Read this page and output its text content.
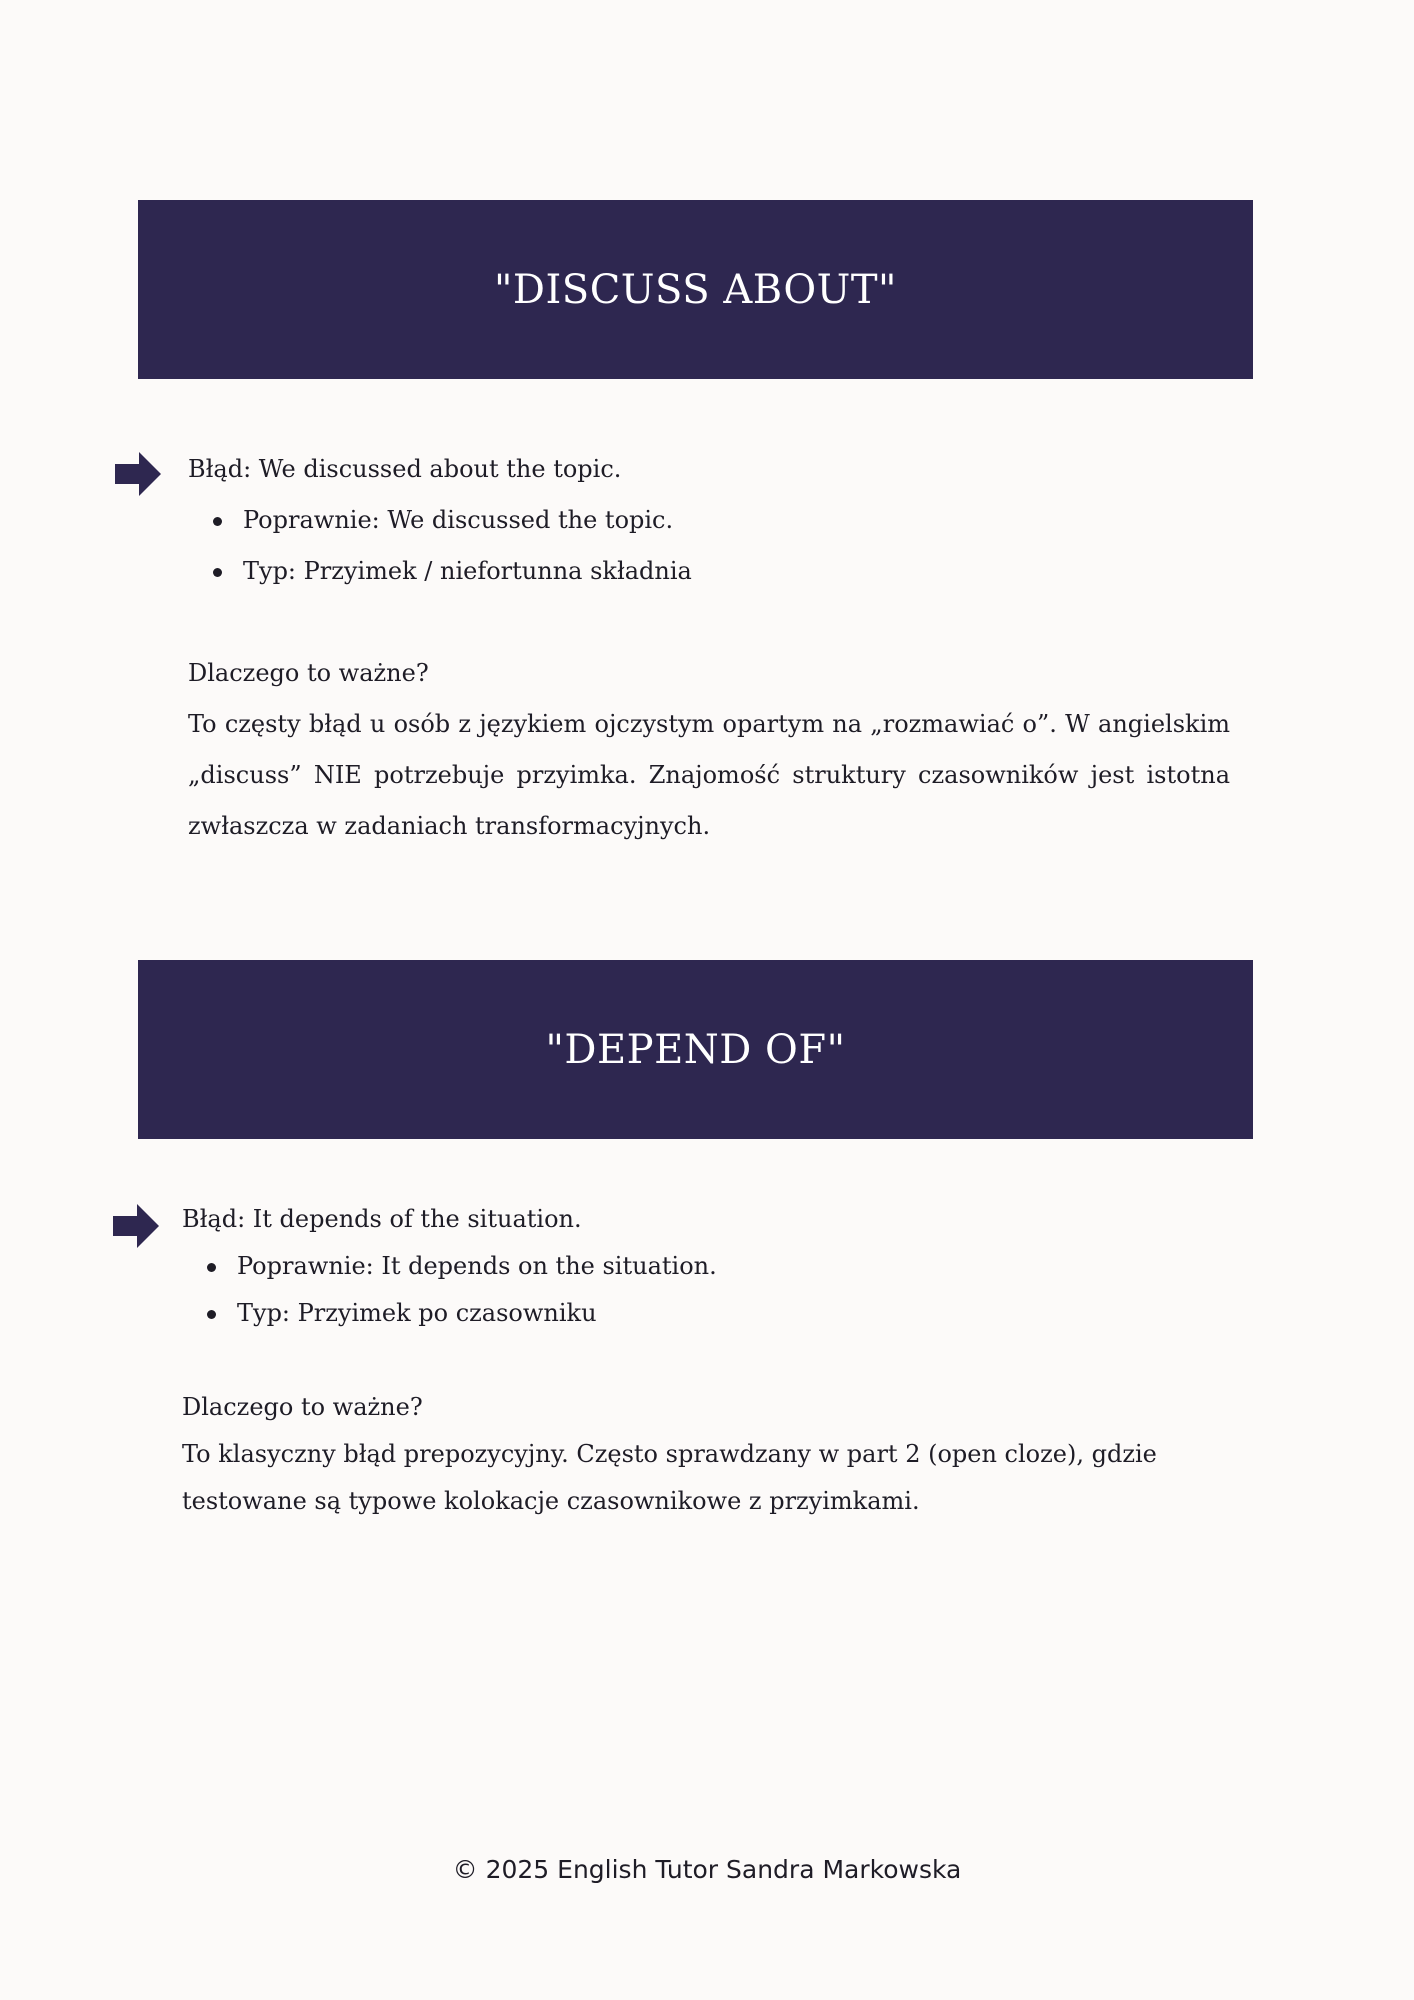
"DISCUSS ABOUT"

Błąd: We discussed about the topic.

Poprawnie: We discussed the topic.
Typ: Przyimek / niefortunna składnia

Dlaczego to ważne?

To częsty błąd u osób z językiem ojczystym opartym na „rozmawiać o”. W angielskim „discuss” NIE potrzebuje przyimka. Znajomość struktury czasowników jest istotna zwłaszcza w zadaniach transformacyjnych.

"DEPEND OF"

Błąd: It depends of the situation.

Poprawnie: It depends on the situation.
Typ: Przyimek po czasowniku

Dlaczego to ważne?

To klasyczny błąd prepozycyjny. Często sprawdzany w part 2 (open cloze), gdzie testowane są typowe kolokacje czasownikowe z przyimkami.

© 2025 English Tutor Sandra Markowska
